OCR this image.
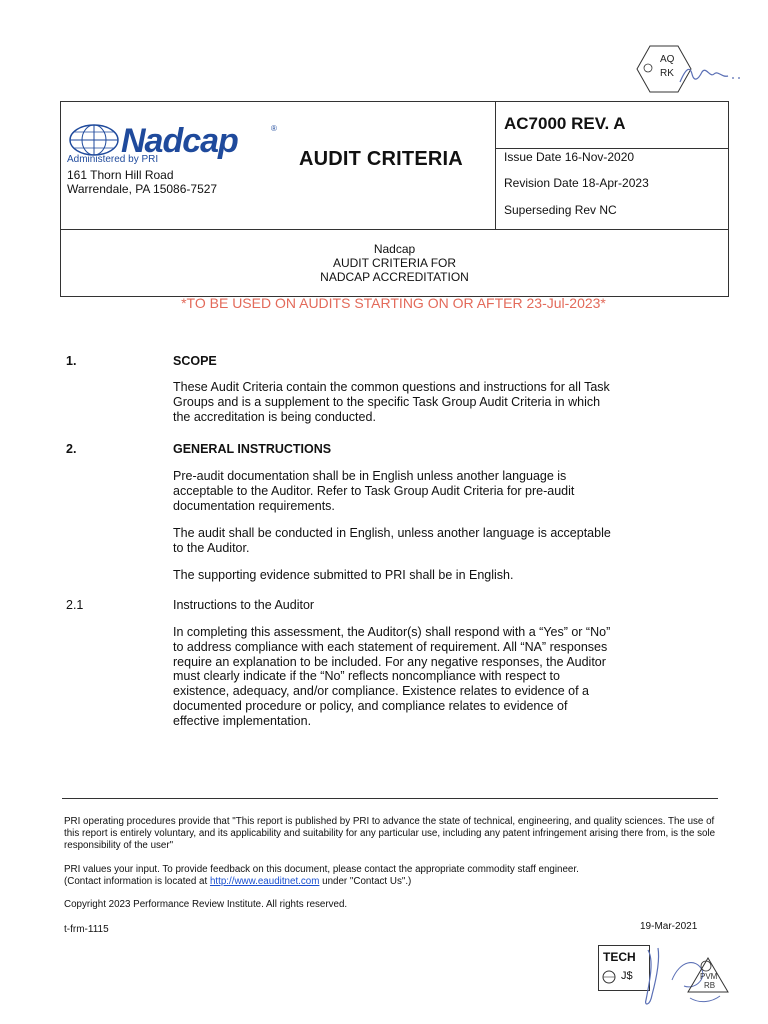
AQ
RK
Nadcap	®
Administered by PRI
161 Thorn Hill Road
Warrendale, PA 15086-7527
AUDIT CRITERIA
AC7000 REV. A
Issue Date 16-Nov-2020
Revision Date 18-Apr-2023
Superseding Rev NC
Nadcap
AUDIT CRITERIA FOR
NADCAP ACCREDITATION
*TO BE USED ON AUDITS STARTING ON OR AFTER 23-Jul-2023*
1.	SCOPE
These Audit Criteria contain the common questions and instructions for all Task Groups and is a supplement to the specific Task Group Audit Criteria in which the accreditation is being conducted.
2.	GENERAL INSTRUCTIONS
Pre-audit documentation shall be in English unless another language is acceptable to the Auditor. Refer to Task Group Audit Criteria for pre-audit documentation requirements.
The audit shall be conducted in English, unless another language is acceptable to the Auditor.
The supporting evidence submitted to PRI shall be in English.
2.1	Instructions to the Auditor
In completing this assessment, the Auditor(s) shall respond with a “Yes” or “No” to address compliance with each statement of requirement. All “NA” responses require an explanation to be included. For any negative responses, the Auditor must clearly indicate if the “No” reflects noncompliance with respect to existence, adequacy, and/or compliance. Existence relates to evidence of a documented procedure or policy, and compliance relates to evidence of effective implementation.
PRI operating procedures provide that "This report is published by PRI to advance the state of technical, engineering, and quality sciences. The use of this report is entirely voluntary, and its applicability and suitability for any particular use, including any patent infringement arising there from, is the sole responsibility of the user"
PRI values your input. To provide feedback on this document, please contact the appropriate commodity staff engineer.
(Contact information is located at http://www.eauditnet.com under "Contact Us".)
Copyright 2023 Performance Review Institute. All rights reserved.
t-frm-1115	19-Mar-2021
TECH
J$	PVM
RB
